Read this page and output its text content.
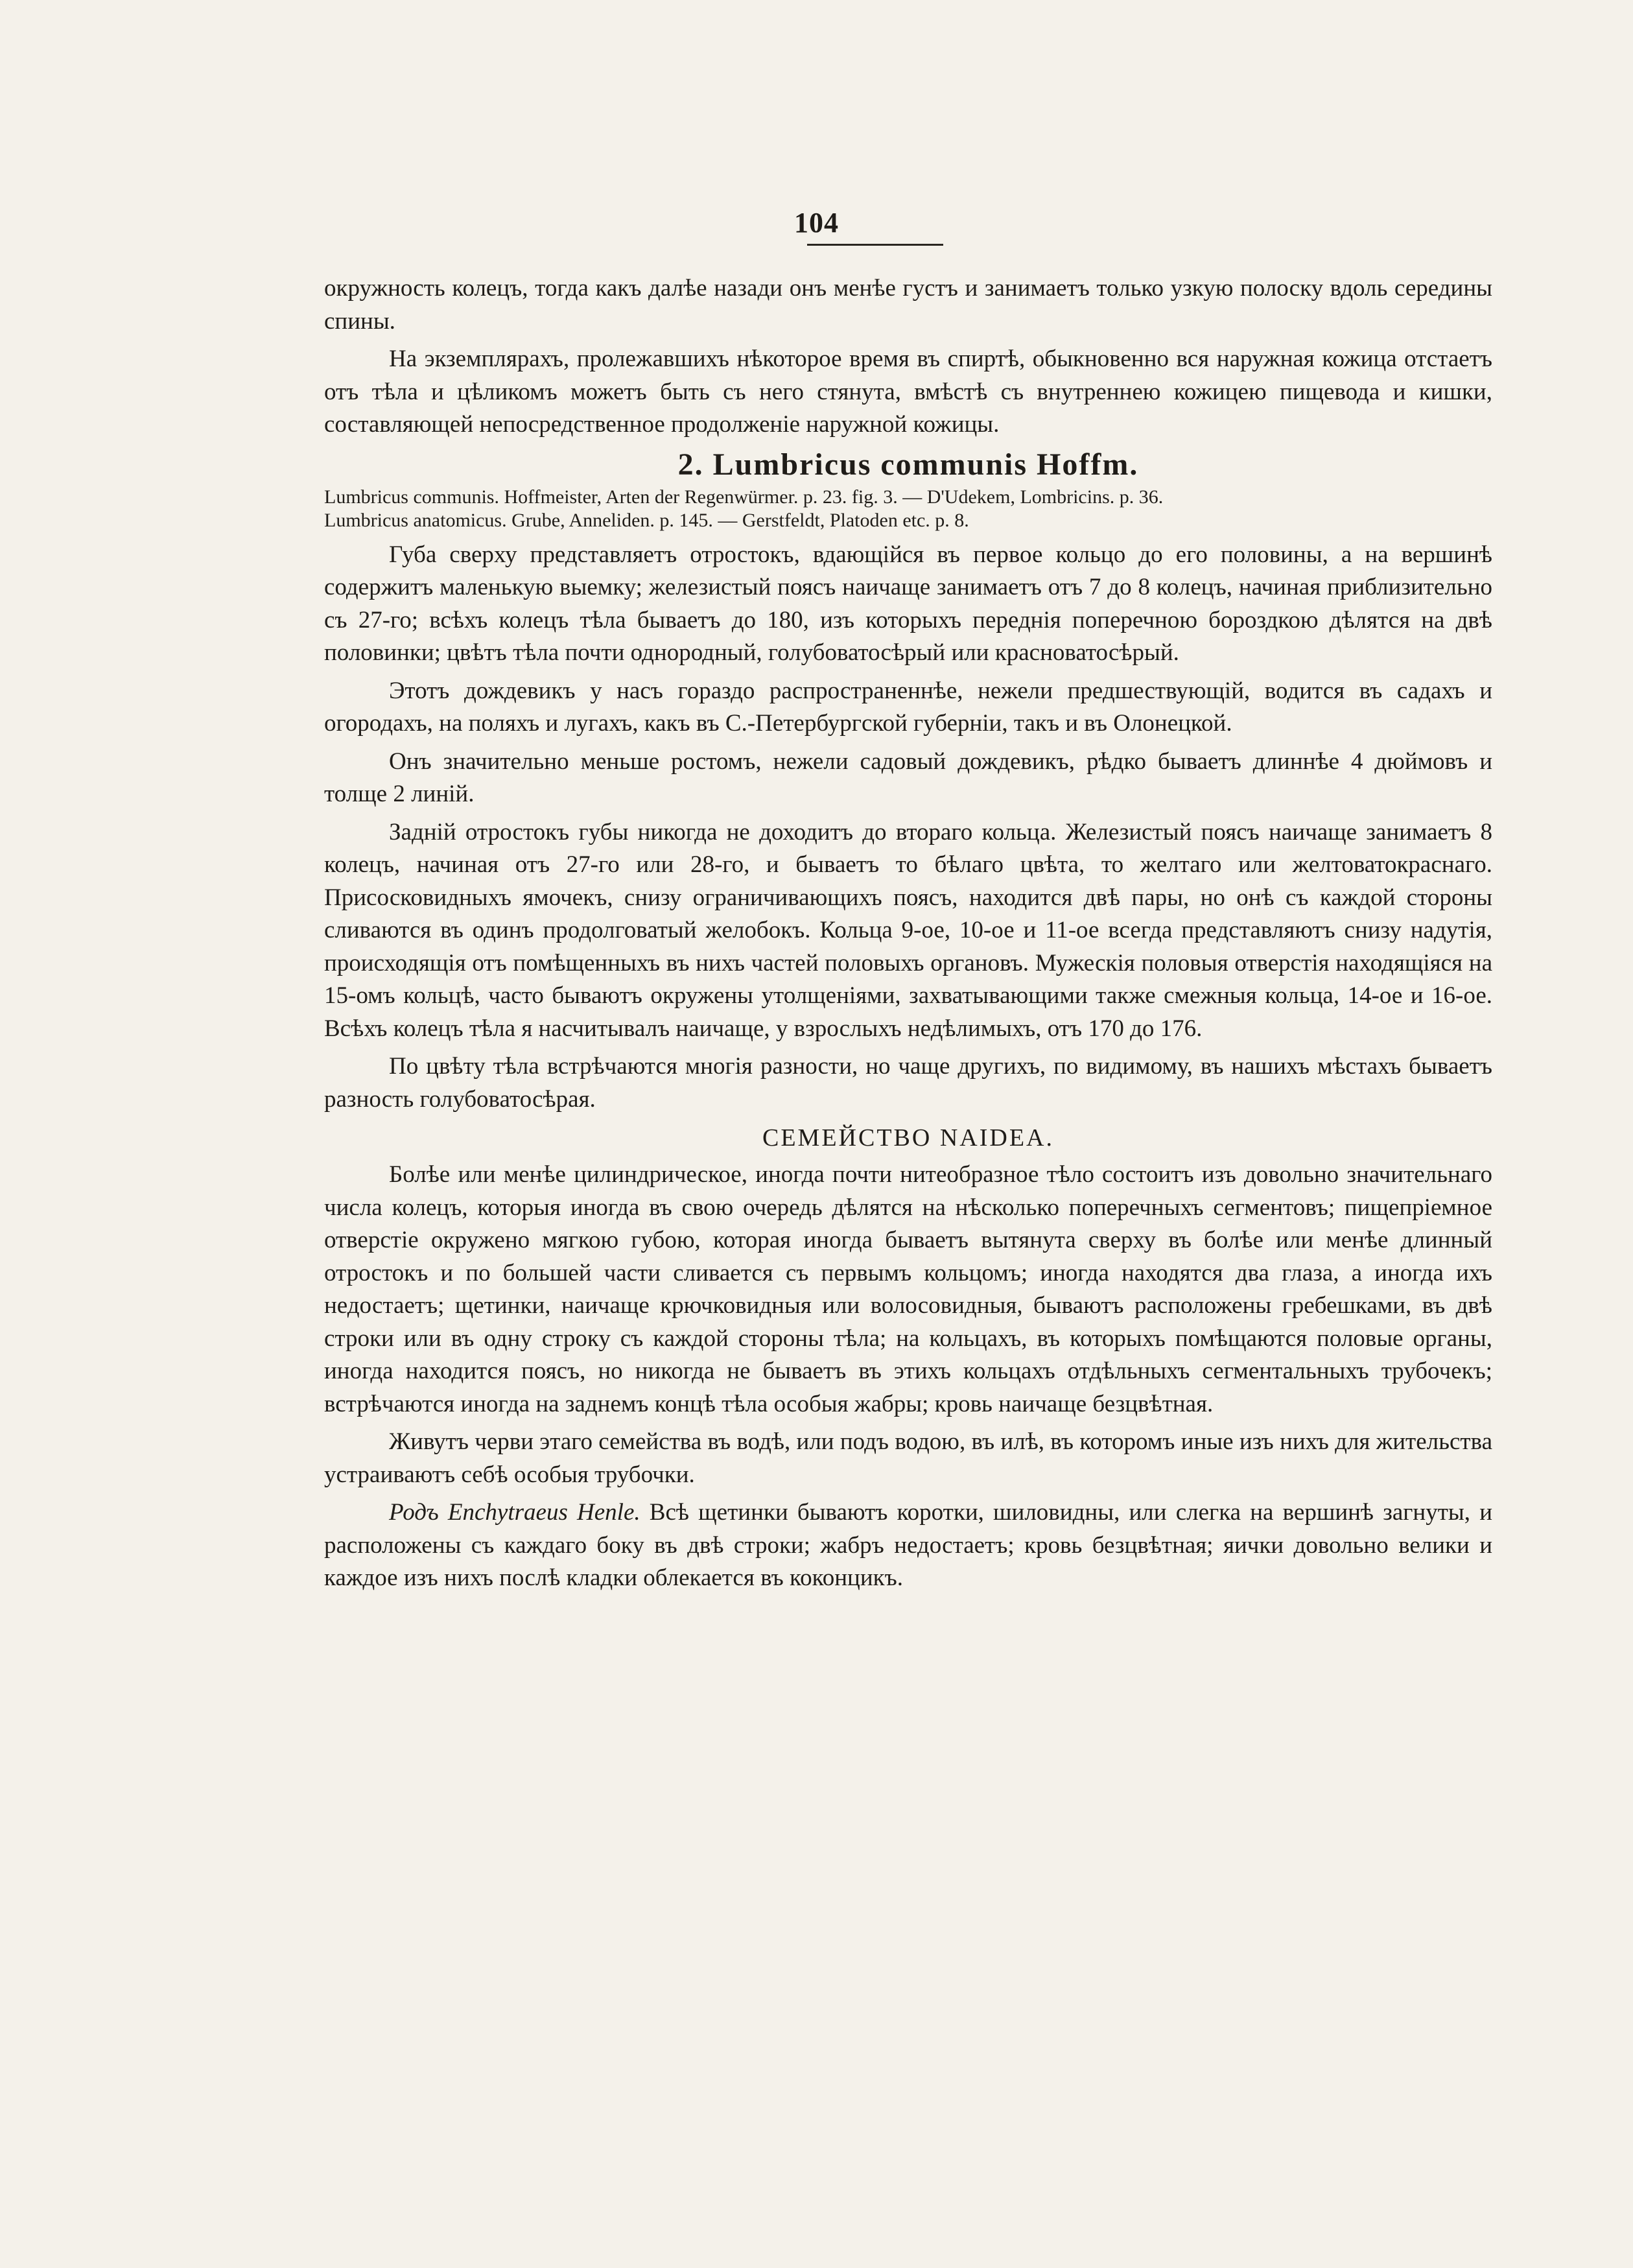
104

окружность колецъ, тогда какъ далѣе назади онъ менѣе густъ и занимаетъ только узкую полоску вдоль середины спины.

На экземплярахъ, пролежавшихъ нѣкоторое время въ спиртѣ, обыкновенно вся наружная кожица отстаетъ отъ тѣла и цѣликомъ можетъ быть съ него стянута, вмѣстѣ съ внутреннею кожицею пищевода и кишки, составляющей непосредственное продолженіе наружной кожицы.

2. Lumbricus communis Hoffm.
Lumbricus communis. Hoffmeister, Arten der Regenwürmer. p. 23. fig. 3. — D'Udekem, Lombricins. p. 36.
Lumbricus anatomicus. Grube, Anneliden. p. 145. — Gerstfeldt, Platoden etc. p. 8.

Губа сверху представляетъ отростокъ, вдающійся въ первое кольцо до его половины, а на вершинѣ содержитъ маленькую выемку; железистый поясъ наичаще занимаетъ отъ 7 до 8 колецъ, начиная приблизительно съ 27-го; всѣхъ колецъ тѣла бываетъ до 180, изъ которыхъ переднія поперечною бороздкою дѣлятся на двѣ половинки; цвѣтъ тѣла почти однородный, голубоватосѣрый или красноватосѣрый.

Этотъ дождевикъ у насъ гораздо распространеннѣе, нежели предшествующій, водится въ садахъ и огородахъ, на поляхъ и лугахъ, какъ въ С.-Петербургской губерніи, такъ и въ Олонецкой.

Онъ значительно меньше ростомъ, нежели садовый дождевикъ, рѣдко бываетъ длиннѣе 4 дюймовъ и толще 2 линій.

Задній отростокъ губы никогда не доходитъ до втораго кольца. Железистый поясъ наичаще занимаетъ 8 колецъ, начиная отъ 27-го или 28-го, и бываетъ то бѣлаго цвѣта, то желтаго или желтоватокраснаго. Присосковидныхъ ямочекъ, снизу ограничивающихъ поясъ, находится двѣ пары, но онѣ съ каждой стороны сливаются въ одинъ продолговатый желобокъ. Кольца 9-ое, 10-ое и 11-ое всегда представляютъ снизу надутія, происходящія отъ помѣщенныхъ въ нихъ частей половыхъ органовъ. Мужескія половыя отверстія находящіяся на 15-омъ кольцѣ, часто бываютъ окружены утолщеніями, захватывающими также смежныя кольца, 14-ое и 16-ое. Всѣхъ колецъ тѣла я насчитывалъ наичаще, у взрослыхъ недѣлимыхъ, отъ 170 до 176.

По цвѣту тѣла встрѣчаются многія разности, но чаще другихъ, по видимому, въ нашихъ мѣстахъ бываетъ разность голубоватосѣрая.

СЕМЕЙСТВО NAIDEA.

Болѣе или менѣе цилиндрическое, иногда почти нитеобразное тѣло состоитъ изъ довольно значительнаго числа колецъ, которыя иногда въ свою очередь дѣлятся на нѣсколько поперечныхъ сегментовъ; пищепріемное отверстіе окружено мягкою губою, которая иногда бываетъ вытянута сверху въ болѣе или менѣе длинный отростокъ и по большей части сливается съ первымъ кольцомъ; иногда находятся два глаза, а иногда ихъ недостаетъ; щетинки, наичаще крючковидныя или волосовидныя, бываютъ расположены гребешками, въ двѣ строки или въ одну строку съ каждой стороны тѣла; на кольцахъ, въ которыхъ помѣщаются половые органы, иногда находится поясъ, но никогда не бываетъ въ этихъ кольцахъ отдѣльныхъ сегментальныхъ трубочекъ; встрѣчаются иногда на заднемъ концѣ тѣла особыя жабры; кровь наичаще безцвѣтная.

Живутъ черви этаго семейства въ водѣ, или подъ водою, въ илѣ, въ которомъ иные изъ нихъ для жительства устраиваютъ себѣ особыя трубочки.

Родъ Enchytraeus Henle. Всѣ щетинки бываютъ коротки, шиловидны, или слегка на вершинѣ загнуты, и расположены съ каждаго боку въ двѣ строки; жабръ недостаетъ; кровь безцвѣтная; яички довольно велики и каждое изъ нихъ послѣ кладки облекается въ коконцикъ.
